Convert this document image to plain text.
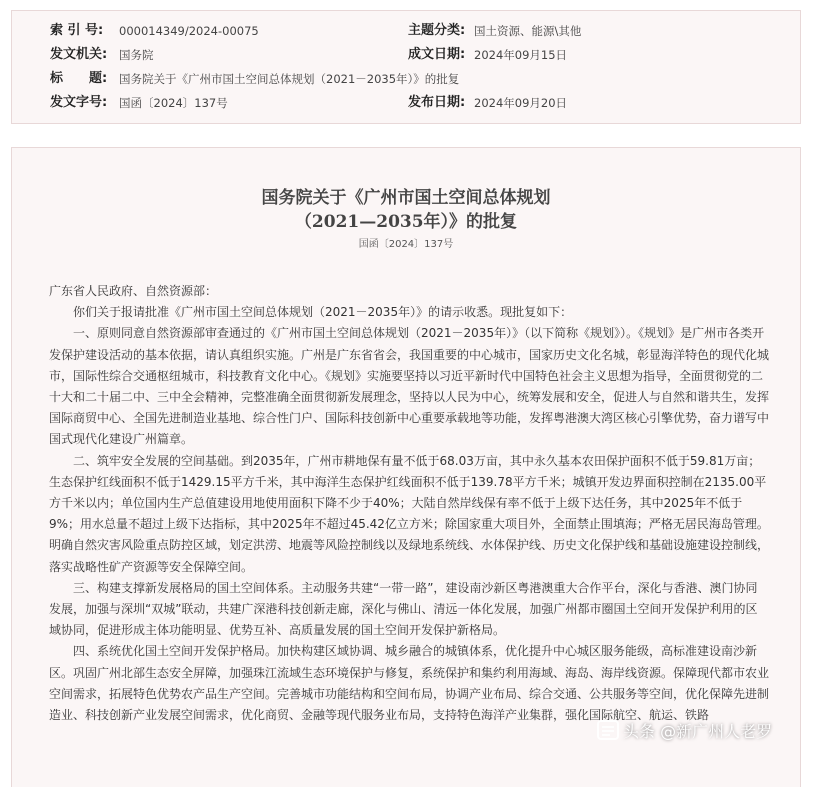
索 引 号: 000014349/2024-00075	主题分类: 国土资源、能源\其他
发文机关: 国务院	成文日期: 2024年09月15日
标　　题: 国务院关于《广州市国土空间总体规划（2021－2035年）》的批复
发文字号: 国函〔2024〕137号	发布日期: 2024年09月20日
国务院关于《广州市国土空间总体规划
（2021—2035年）》的批复
国函〔2024〕137号

广东省人民政府、自然资源部：

你们关于报请批准《广州市国土空间总体规划（2021－2035年）》的请示收悉。现批复如下：

一、原则同意自然资源部审查通过的《广州市国土空间总体规划（2021－2035年）》（以下简称《规划》）。《规划》是广州市各类开发保护建设活动的基本依据，请认真组织实施。广州是广东省省会，我国重要的中心城市，国家历史文化名城，彰显海洋特色的现代化城市，国际性综合交通枢纽城市，科技教育文化中心。《规划》实施要坚持以习近平新时代中国特色社会主义思想为指导，全面贯彻党的二十大和二十届二中、三中全会精神，完整准确全面贯彻新发展理念，坚持以人民为中心，统筹发展和安全，促进人与自然和谐共生，发挥国际商贸中心、全国先进制造业基地、综合性门户、国际科技创新中心重要承载地等功能，发挥粤港澳大湾区核心引擎优势，奋力谱写中国式现代化建设广州篇章。

二、筑牢安全发展的空间基础。到2035年，广州市耕地保有量不低于68.03万亩，其中永久基本农田保护面积不低于59.81万亩；生态保护红线面积不低于1429.15平方千米，其中海洋生态保护红线面积不低于139.78平方千米；城镇开发边界面积控制在2135.00平方千米以内；单位国内生产总值建设用地使用面积下降不少于40%；大陆自然岸线保有率不低于上级下达任务，其中2025年不低于9%；用水总量不超过上级下达指标，其中2025年不超过45.42亿立方米；除国家重大项目外，全面禁止围填海；严格无居民海岛管理。明确自然灾害风险重点防控区域，划定洪涝、地震等风险控制线以及绿地系统线、水体保护线、历史文化保护线和基础设施建设控制线，落实战略性矿产资源等安全保障空间。

三、构建支撑新发展格局的国土空间体系。主动服务共建“一带一路”，建设南沙新区粤港澳重大合作平台，深化与香港、澳门协同发展，加强与深圳“双城”联动，共建广深港科技创新走廊，深化与佛山、清远一体化发展，加强广州都市圈国土空间开发保护利用的区域协同，促进形成主体功能明显、优势互补、高质量发展的国土空间开发保护新格局。

四、系统优化国土空间开发保护格局。加快构建区域协调、城乡融合的城镇体系，优化提升中心城区服务能级，高标准建设南沙新区。巩固广州北部生态安全屏障，加强珠江流域生态环境保护与修复，系统保护和集约利用海域、海岛、海岸线资源。保障现代都市农业空间需求，拓展特色优势农产品生产空间。完善城市功能结构和空间布局，协调产业布局、综合交通、公共服务等空间，优化保障先进制造业、科技创新产业发展空间需求，优化商贸、金融等现代服务业布局，支持特色海洋产业集群，强化国际航空、航运、铁路

头条 @新广州人老罗
